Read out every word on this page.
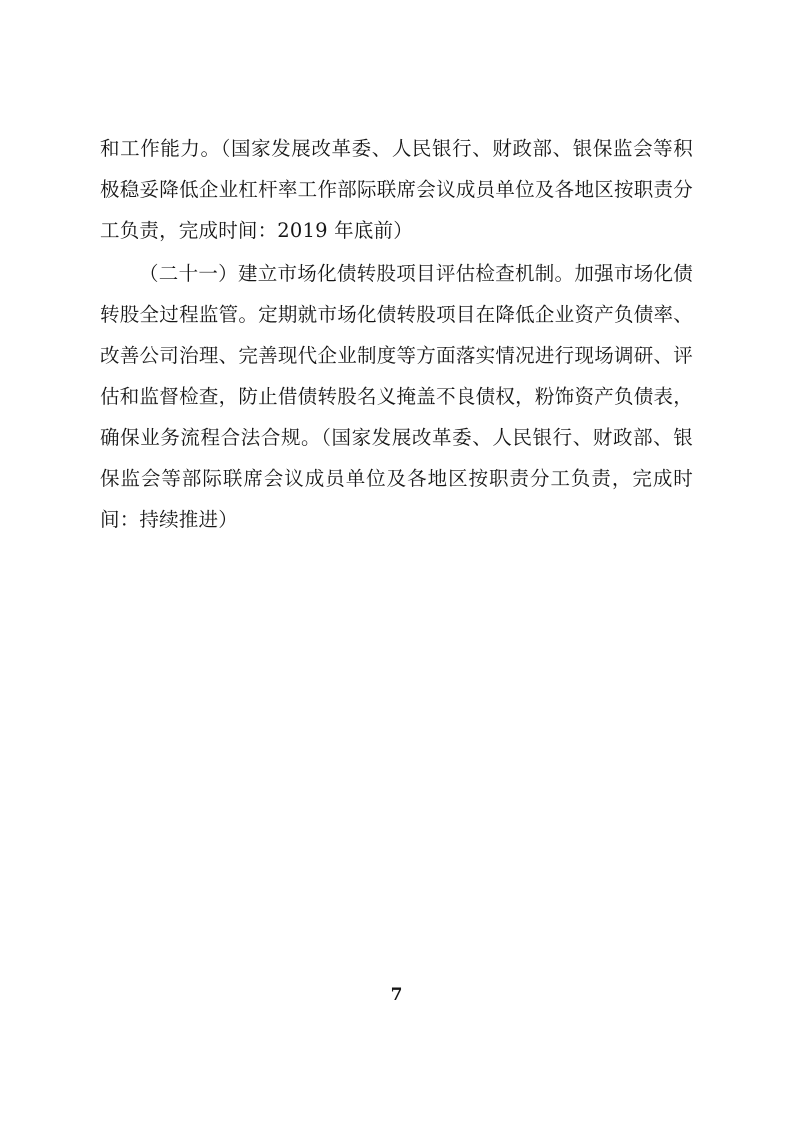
和工作能力。（国家发展改革委、人民银行、财政部、银保监会等积极稳妥降低企业杠杆率工作部际联席会议成员单位及各地区按职责分工负责，完成时间：2019 年底前）

（二十一）建立市场化债转股项目评估检查机制。加强市场化债转股全过程监管。定期就市场化债转股项目在降低企业资产负债率、改善公司治理、完善现代企业制度等方面落实情况进行现场调研、评估和监督检查，防止借债转股名义掩盖不良债权，粉饰资产负债表，确保业务流程合法合规。（国家发展改革委、人民银行、财政部、银保监会等部际联席会议成员单位及各地区按职责分工负责，完成时间：持续推进）

7
